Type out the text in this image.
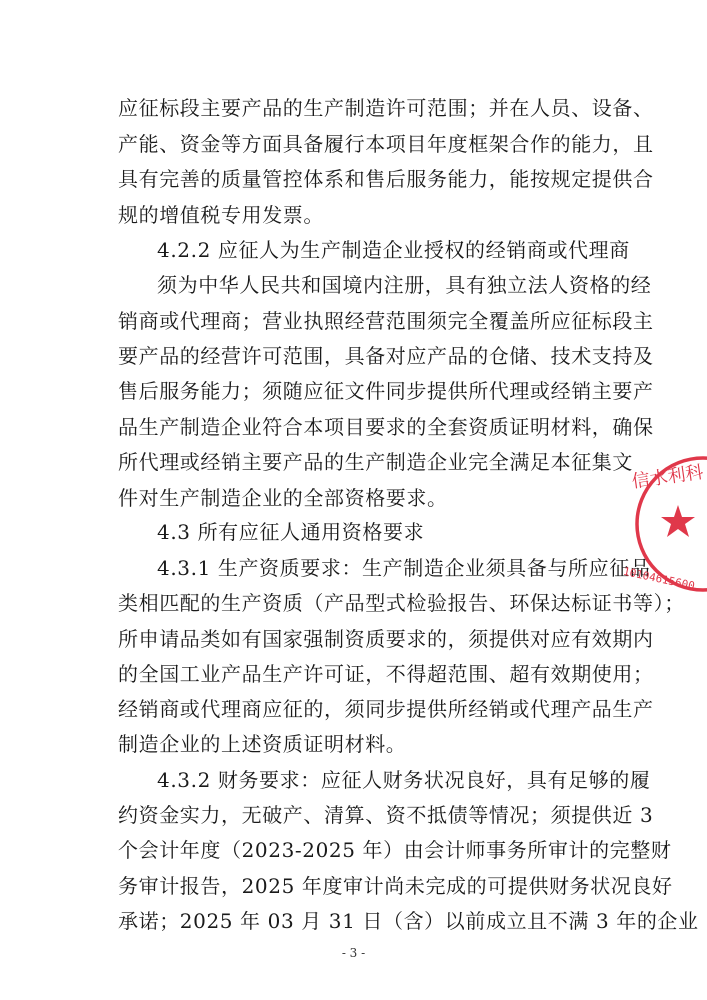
应征标段主要产品的生产制造许可范围；并在人员、设备、
产能、资金等方面具备履行本项目年度框架合作的能力，且
具有完善的质量管控体系和售后服务能力，能按规定提供合
规的增值税专用发票。
4.2.2 应征人为生产制造企业授权的经销商或代理商
须为中华人民共和国境内注册，具有独立法人资格的经
销商或代理商；营业执照经营范围须完全覆盖所应征标段主
要产品的经营许可范围，具备对应产品的仓储、技术支持及
售后服务能力；须随应征文件同步提供所代理或经销主要产
品生产制造企业符合本项目要求的全套资质证明材料，确保
所代理或经销主要产品的生产制造企业完全满足本征集文
件对生产制造企业的全部资格要求。
4.3 所有应征人通用资格要求
4.3.1 生产资质要求：生产制造企业须具备与所应征品
类相匹配的生产资质（产品型式检验报告、环保达标证书等）；
所申请品类如有国家强制资质要求的，须提供对应有效期内
的全国工业产品生产许可证，不得超范围、超有效期使用；
经销商或代理商应征的，须同步提供所经销或代理产品生产
制造企业的上述资质证明材料。
4.3.2 财务要求：应征人财务状况良好，具有足够的履
约资金实力，无破产、清算、资不抵债等情况；须提供近 3
个会计年度（2023-2025 年）由会计师事务所审计的完整财
务审计报告，2025 年度审计尚未完成的可提供财务状况良好
承诺；2025 年 03 月 31 日（含）以前成立且不满 3 年的企业
- 3 -
信水利科
10104615600
